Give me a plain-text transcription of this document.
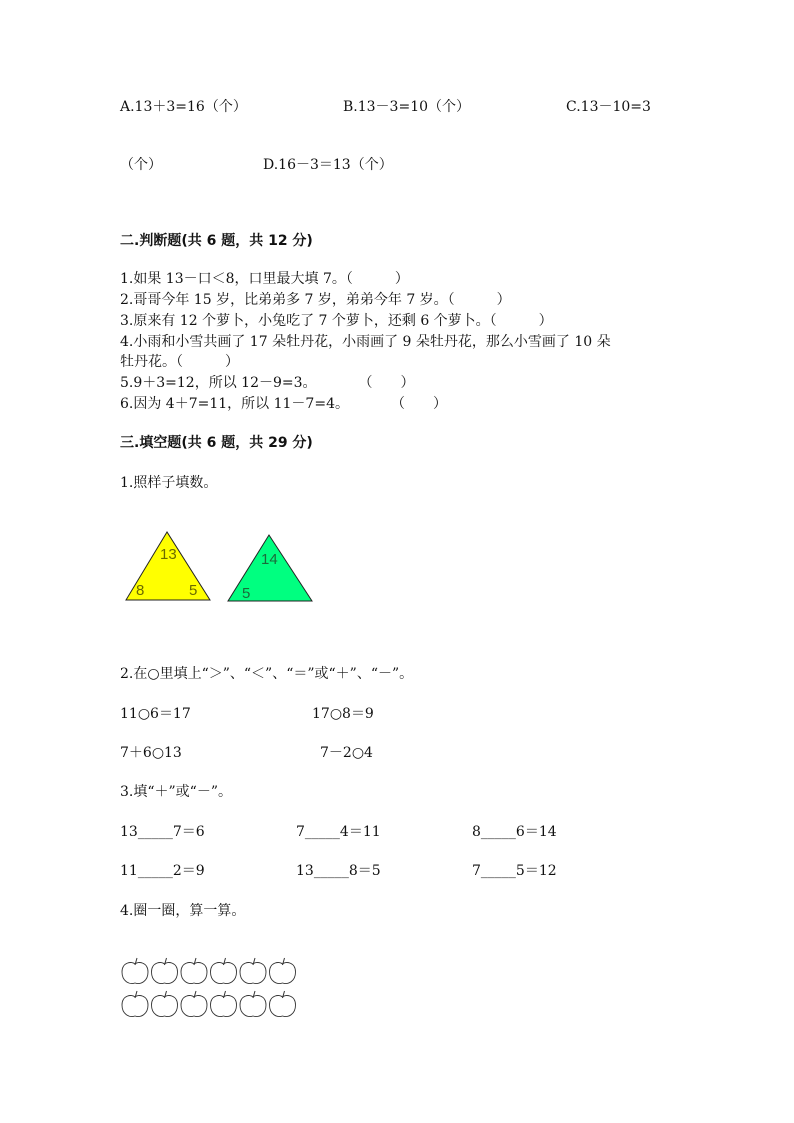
A.13＋3=16（个）	B.13－3=10（个）	C.13－10=3
（个）	D.16－3＝13（个）
二.判断题(共 6 题，共 12 分)
1.如果 13－口＜8，口里最大填 7。（　　　）
2.哥哥今年 15 岁，比弟弟多 7 岁，弟弟今年 7 岁。（　　　）
3.原来有 12 个萝卜，小兔吃了 7 个萝卜，还剩 6 个萝卜。（　　　）
4.小雨和小雪共画了 17 朵牡丹花，小雨画了 9 朵牡丹花，那么小雪画了 10 朵
牡丹花。（　　　）
5.9＋3=12，所以 12－9=3。　　　　（　　）
6.因为 4＋7=11，所以 11－7=4。　　　　（　　）
三.填空题(共 6 题，共 29 分)
1.照样子填数。
13
8	5
14
5
2.在○里填上“＞”、“＜”、“＝”或“＋”、“－”。
11○6＝17	17○8＝9
7＋6○13	7－2○4
3.填“＋”或“－”。
13_____7＝6	7_____4＝11	8_____6＝14
11_____2＝9	13_____8＝5	7_____5＝12
4.圈一圈，算一算。
